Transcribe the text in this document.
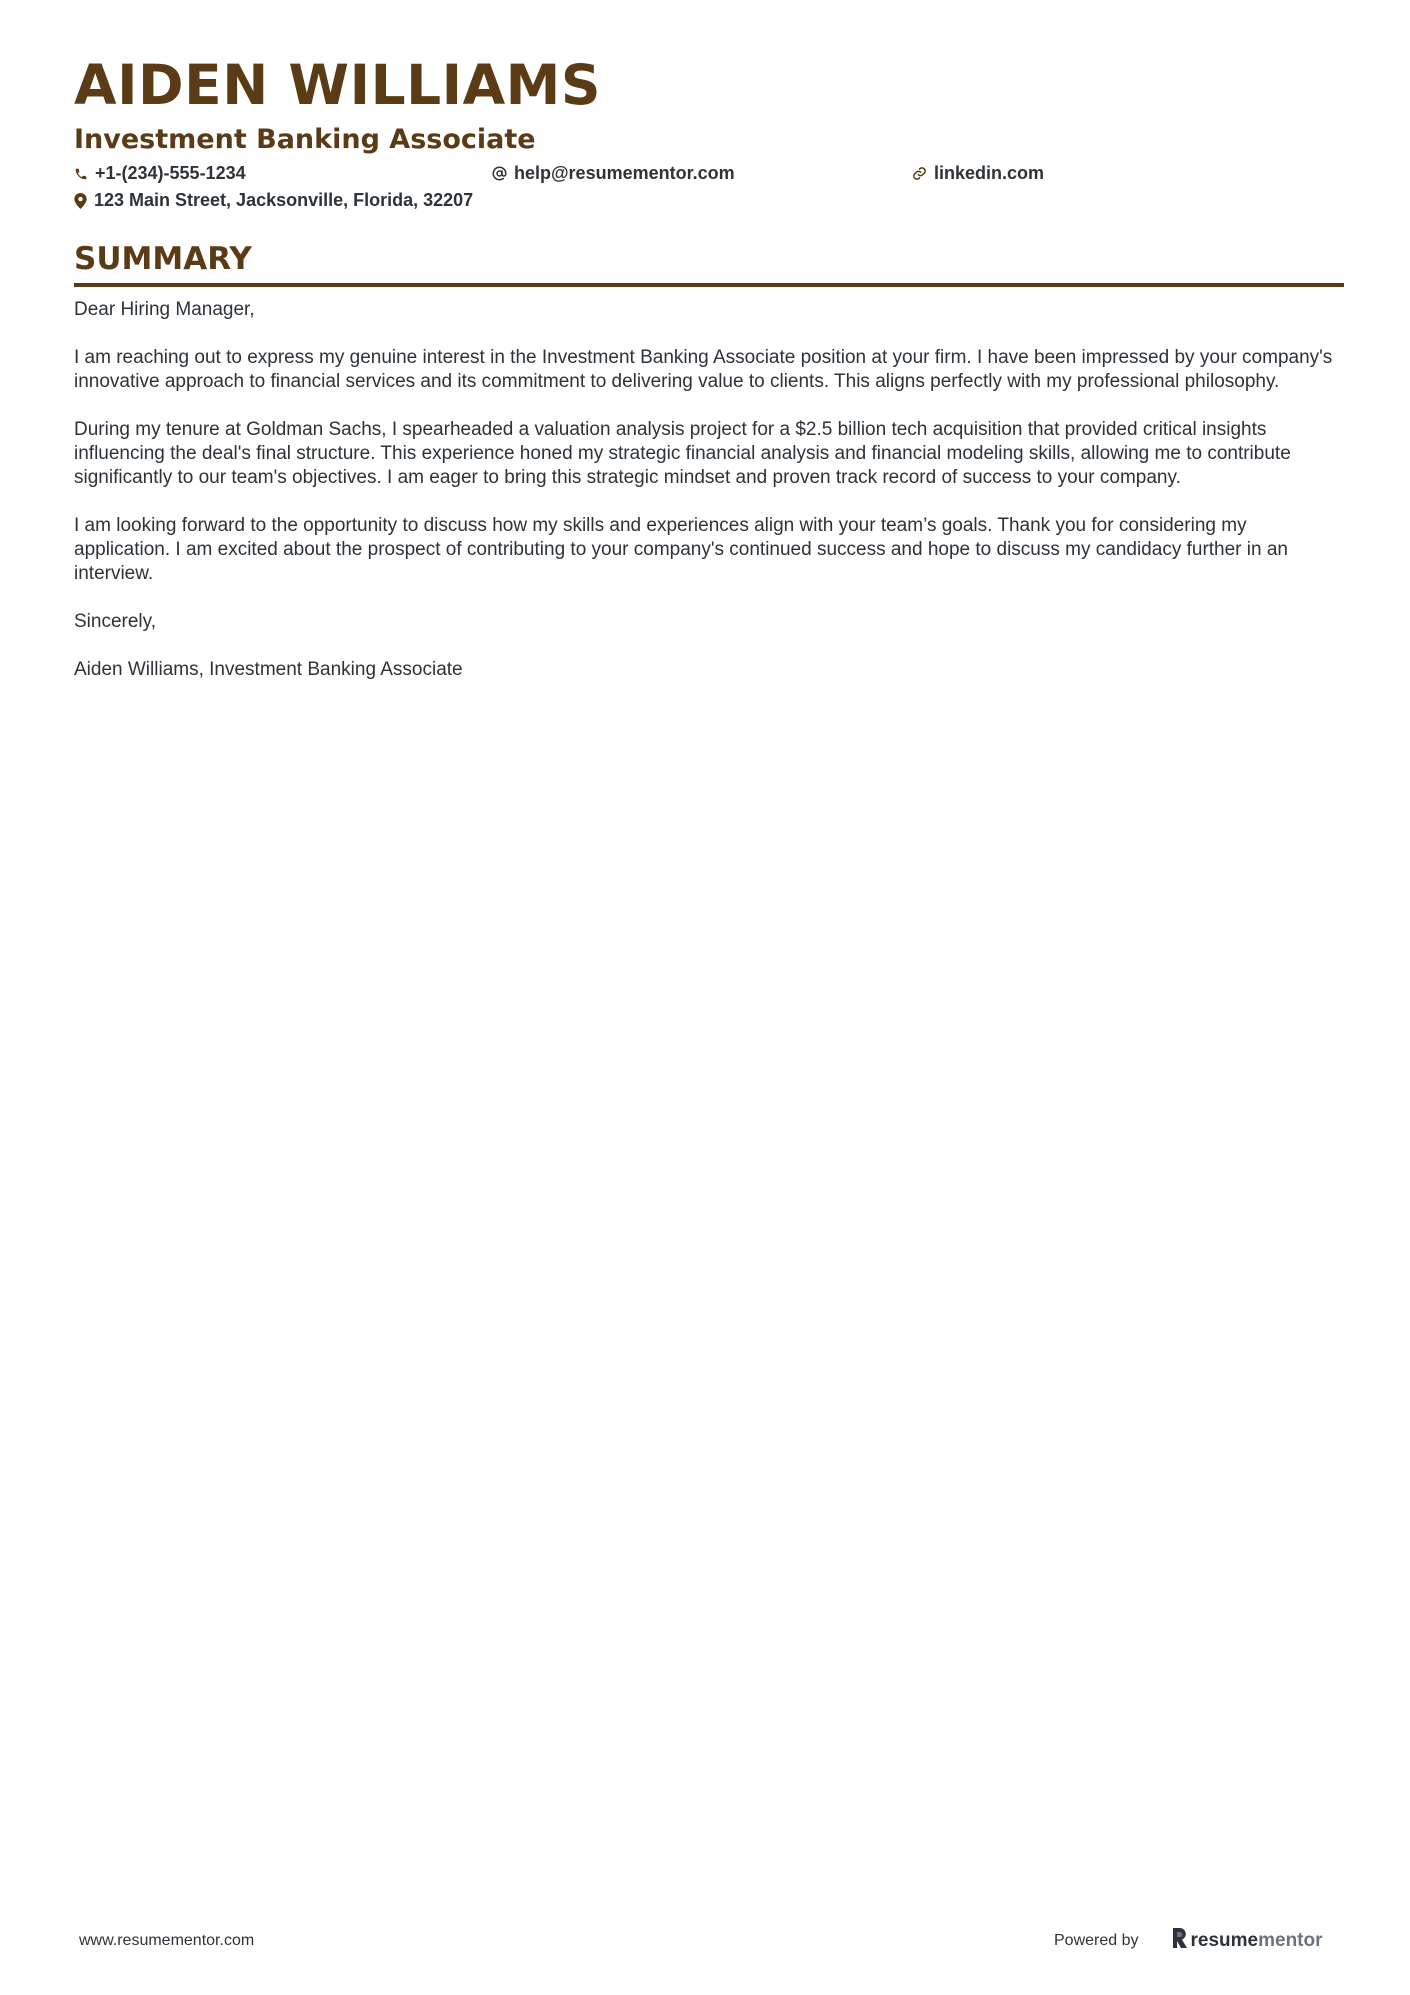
AIDEN WILLIAMS
Investment Banking Associate
+1-(234)-555-1234	help@resumementor.com	linkedin.com
123 Main Street, Jacksonville, Florida, 32207
SUMMARY

Dear Hiring Manager,

I am reaching out to express my genuine interest in the Investment Banking Associate position at your firm. I have been impressed by your company's innovative approach to financial services and its commitment to delivering value to clients. This aligns perfectly with my professional philosophy.

During my tenure at Goldman Sachs, I spearheaded a valuation analysis project for a $2.5 billion tech acquisition that provided critical insights influencing the deal's final structure. This experience honed my strategic financial analysis and financial modeling skills, allowing me to contribute significantly to our team's objectives. I am eager to bring this strategic mindset and proven track record of success to your company.

I am looking forward to the opportunity to discuss how my skills and experiences align with your team’s goals. Thank you for considering my application. I am excited about the prospect of contributing to your company's continued success and hope to discuss my candidacy further in an interview.

Sincerely,

Aiden Williams, Investment Banking Associate

www.resumementor.com	Powered by	resume mentor
